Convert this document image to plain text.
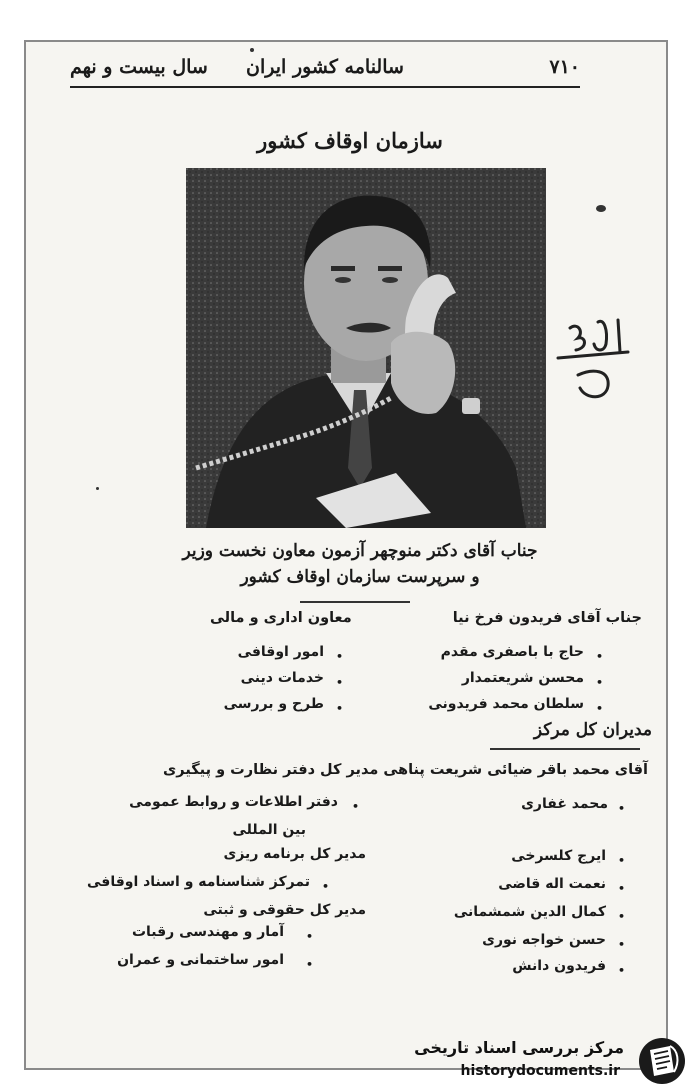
۷۱۰
سالنامه کشور ایران
سال بیست و نهم
سازمان اوقاف کشور
جناب آقای دکتر منوچهر آزمون معاون نخست وزیر
و سرپرست سازمان اوقاف کشور
جناب آقای فریدون فرخ نیا
معاون اداری و مالی
•
حاج با باصفری مقدم
•
امور اوقافی
•
محسن شریعتمدار
•
خدمات دینی
•
سلطان محمد فریدونی
•
طرح و بررسی
مدیران کل مرکز
آقای محمد باقر ضیائی شریعت پناهی مدیر کل دفتر نظارت و پیگیری
•
محمد غفاری
•
دفتر اطلاعات و روابط عمومی
بین المللی
•
ایرج کلسرخی
مدیر کل برنامه ریزی
•
نعمت اله قاضی
•
تمرکز شناسنامه و اسناد اوقافی
•
کمال الدین شمشمانی
مدیر کل حقوقی و ثبتی
•
حسن خواجه نوری
•
آمار و مهندسی رقبات
•
فریدون دانش
•
امور ساختمانی و عمران
مرکز بررسی اسناد تاریخی
historydocuments.ir
